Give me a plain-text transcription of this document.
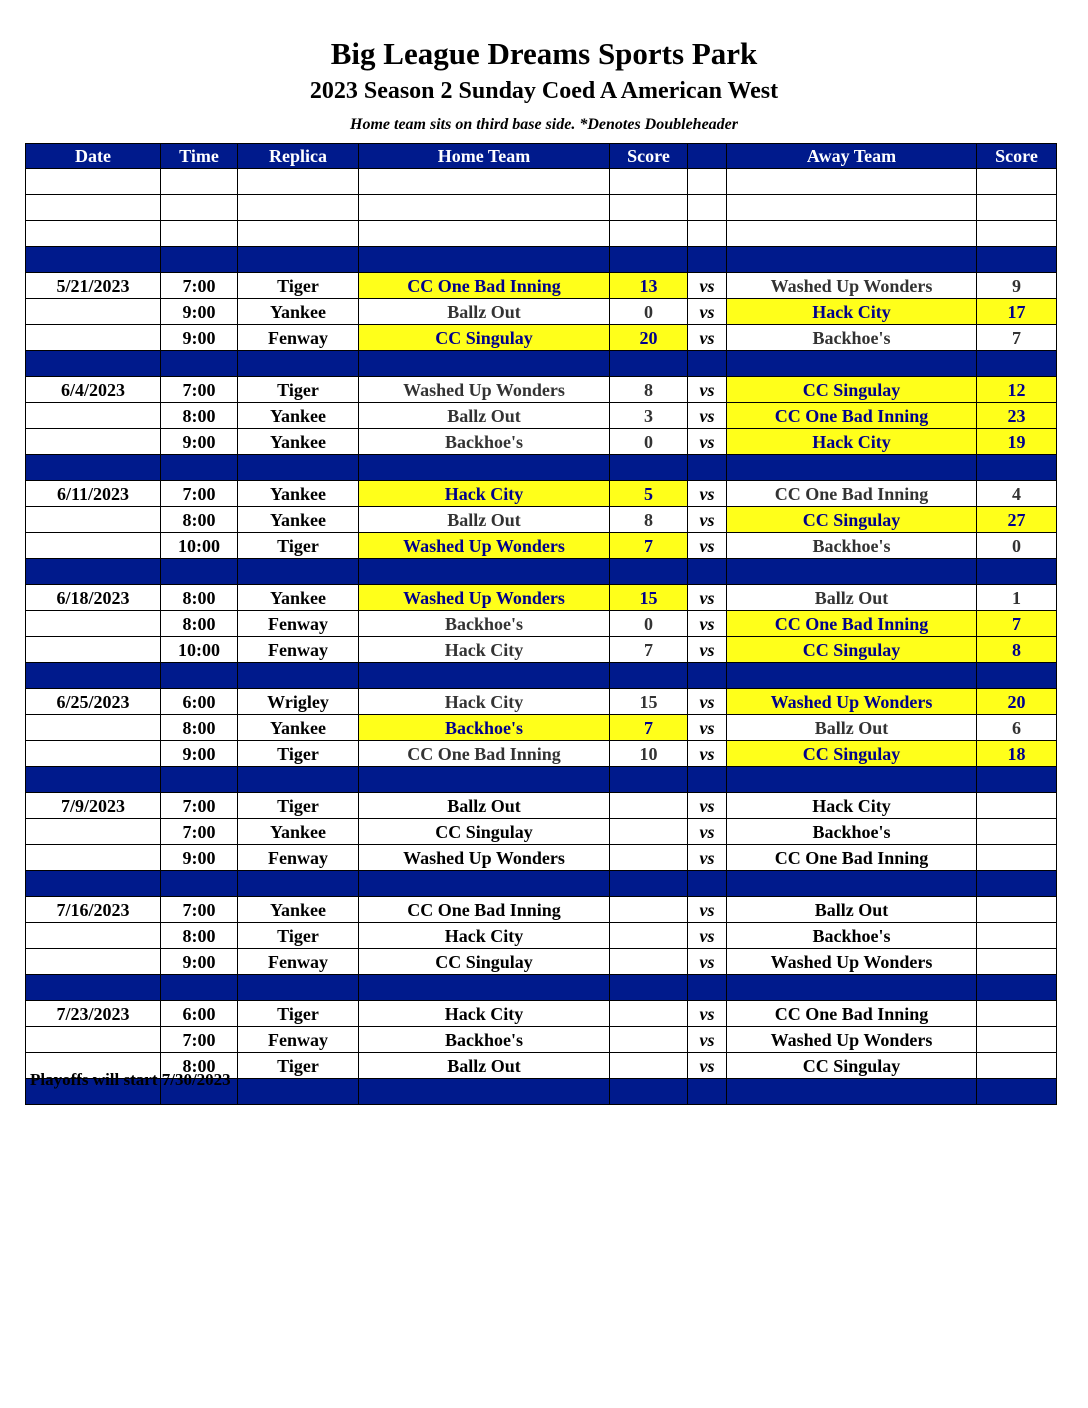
Big League Dreams Sports Park
2023 Season 2 Sunday Coed A American West
Home team sits on third base side. *Denotes Doubleheader
Date	Time	Replica	Home Team	Score		Away Team	Score

5/21/2023	7:00	Tiger	CC One Bad Inning	13	vs	Washed Up Wonders	9
	9:00	Yankee	Ballz Out	0	vs	Hack City	17
	9:00	Fenway	CC Singulay	20	vs	Backhoe's	7

6/4/2023	7:00	Tiger	Washed Up Wonders	8	vs	CC Singulay	12
	8:00	Yankee	Ballz Out	3	vs	CC One Bad Inning	23
	9:00	Yankee	Backhoe's	0	vs	Hack City	19

6/11/2023	7:00	Yankee	Hack City	5	vs	CC One Bad Inning	4
	8:00	Yankee	Ballz Out	8	vs	CC Singulay	27
	10:00	Tiger	Washed Up Wonders	7	vs	Backhoe's	0

6/18/2023	8:00	Yankee	Washed Up Wonders	15	vs	Ballz Out	1
	8:00	Fenway	Backhoe's	0	vs	CC One Bad Inning	7
	10:00	Fenway	Hack City	7	vs	CC Singulay	8

6/25/2023	6:00	Wrigley	Hack City	15	vs	Washed Up Wonders	20
	8:00	Yankee	Backhoe's	7	vs	Ballz Out	6
	9:00	Tiger	CC One Bad Inning	10	vs	CC Singulay	18

7/9/2023	7:00	Tiger	Ballz Out		vs	Hack City	
	7:00	Yankee	CC Singulay		vs	Backhoe's	
	9:00	Fenway	Washed Up Wonders		vs	CC One Bad Inning	

7/16/2023	7:00	Yankee	CC One Bad Inning		vs	Ballz Out	
	8:00	Tiger	Hack City		vs	Backhoe's	
	9:00	Fenway	CC Singulay		vs	Washed Up Wonders	

7/23/2023	6:00	Tiger	Hack City		vs	CC One Bad Inning	
	7:00	Fenway	Backhoe's		vs	Washed Up Wonders	
	8:00	Tiger	Ballz Out		vs	CC Singulay	

Playoffs will start 7/30/2023
